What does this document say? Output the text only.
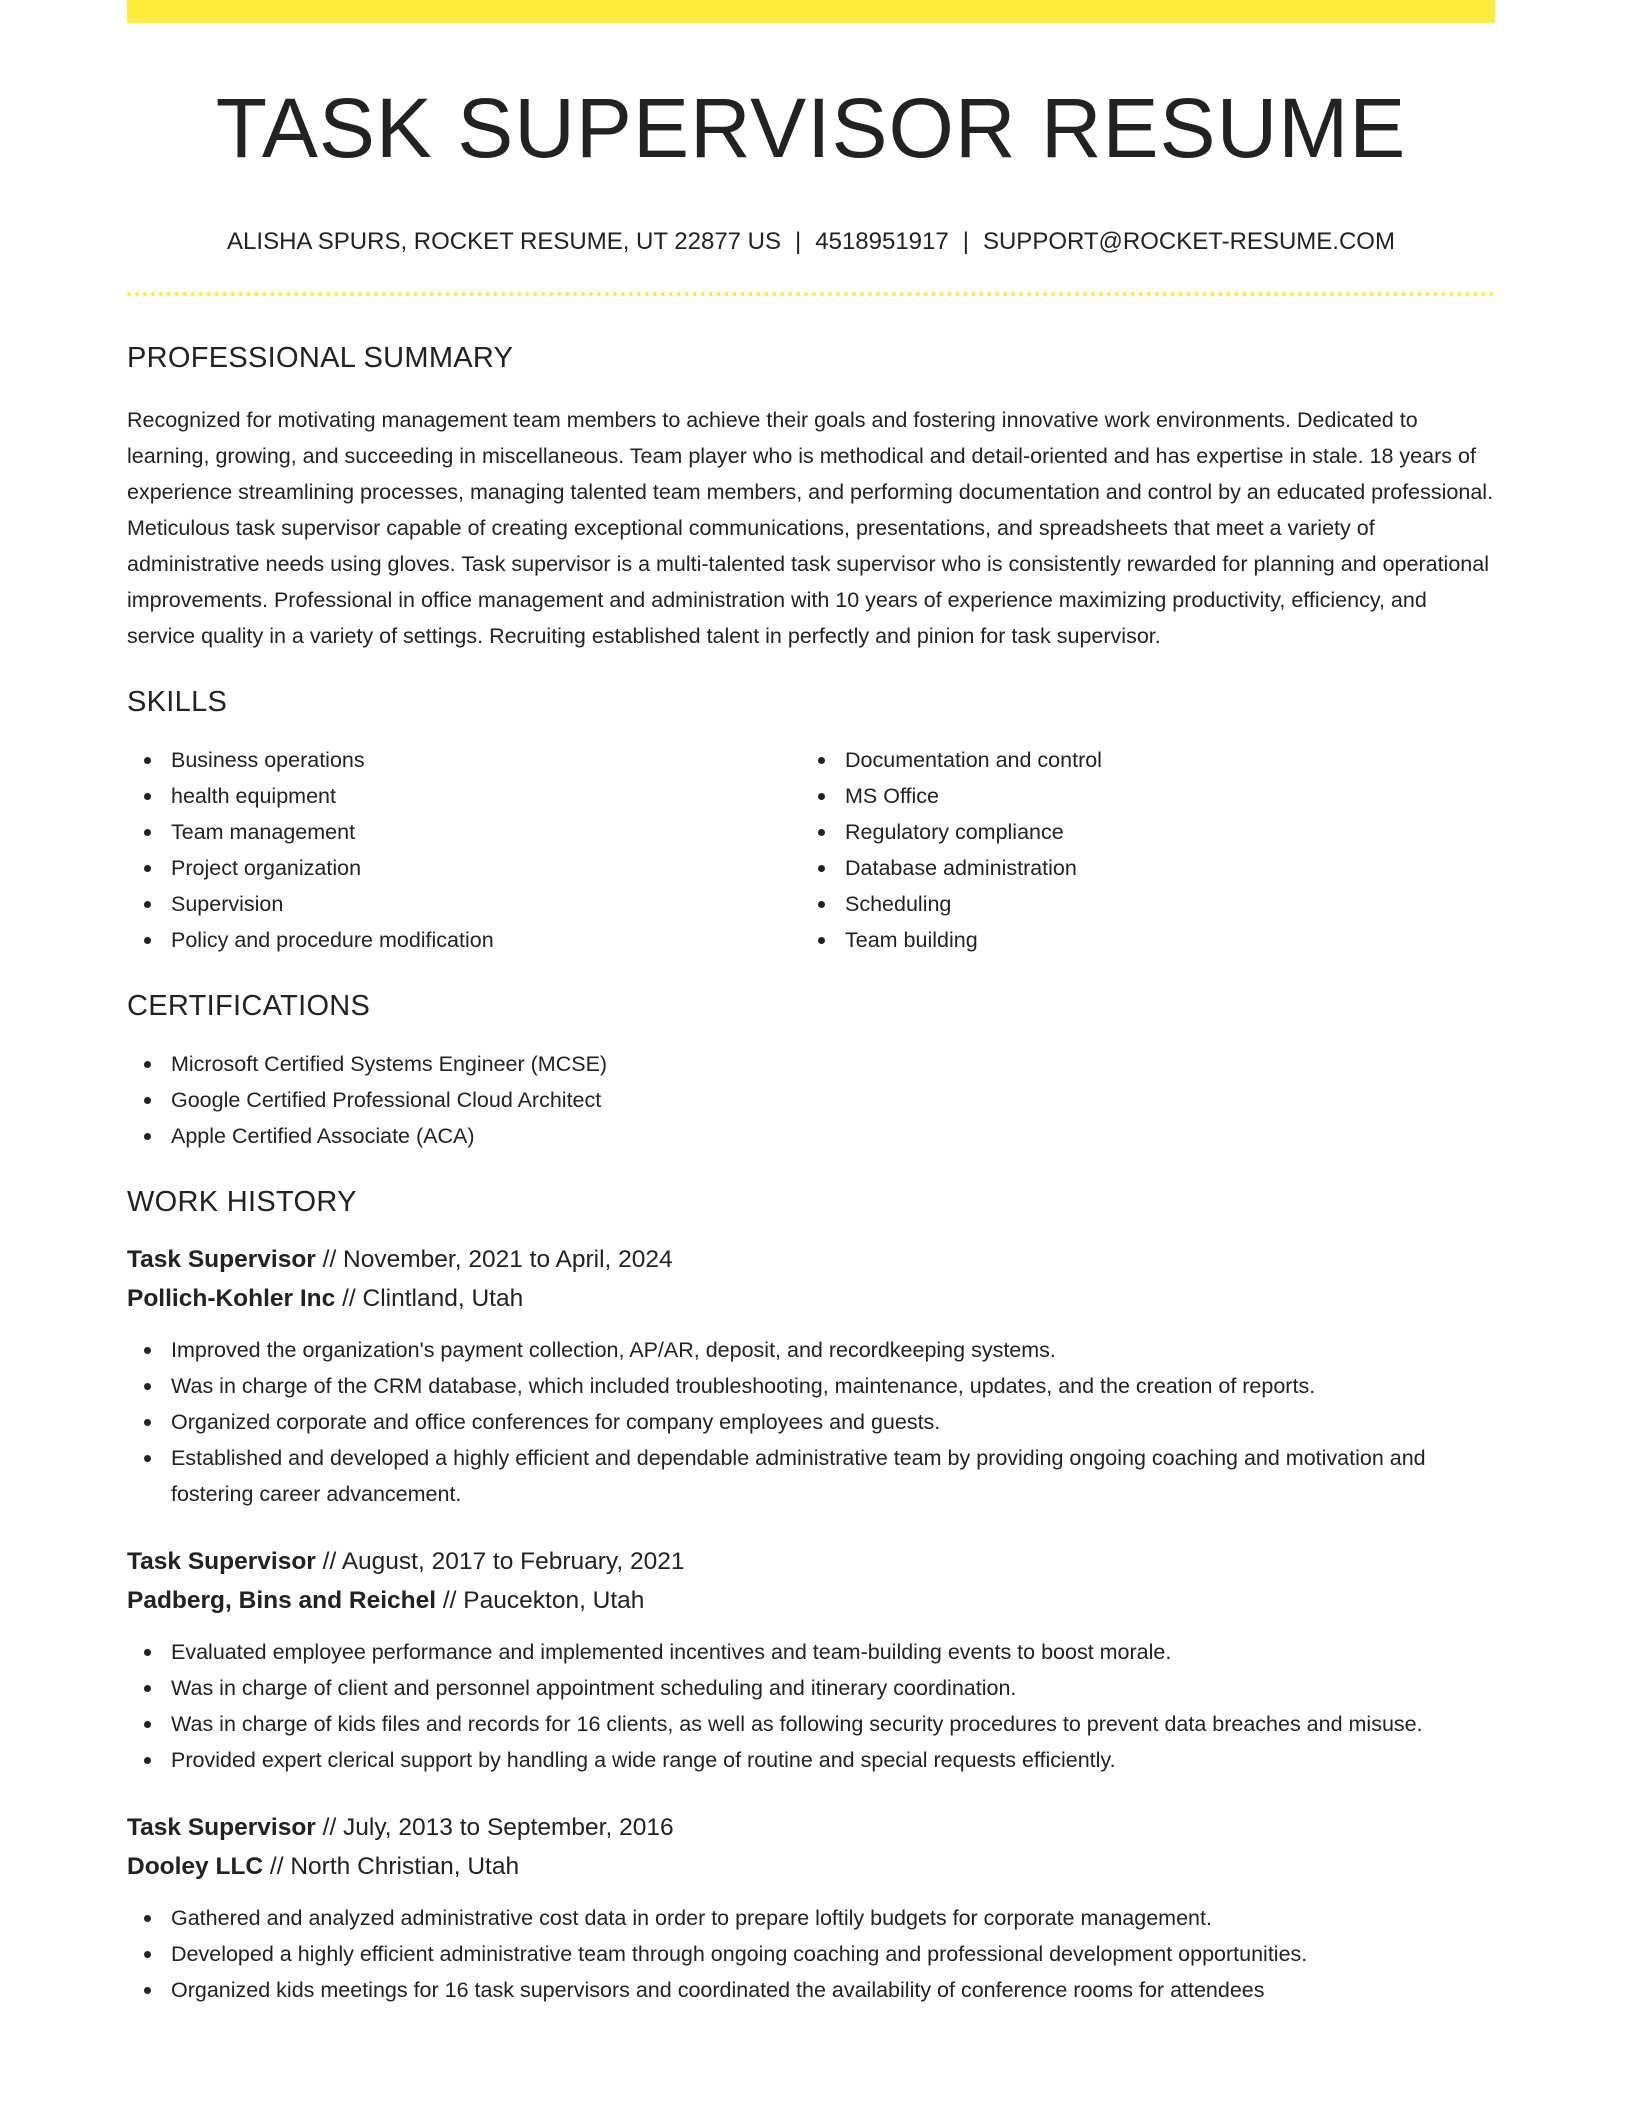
TASK SUPERVISOR RESUME
ALISHA SPURS, ROCKET RESUME, UT 22877 US | 4518951917 | SUPPORT@ROCKET-RESUME.COM
PROFESSIONAL SUMMARY

Recognized for motivating management team members to achieve their goals and fostering innovative work environments. Dedicated to learning, growing, and succeeding in miscellaneous. Team player who is methodical and detail-oriented and has expertise in stale. 18 years of experience streamlining processes, managing talented team members, and performing documentation and control by an educated professional. Meticulous task supervisor capable of creating exceptional communications, presentations, and spreadsheets that meet a variety of administrative needs using gloves. Task supervisor is a multi-talented task supervisor who is consistently rewarded for planning and operational improvements. Professional in office management and administration with 10 years of experience maximizing productivity, efficiency, and service quality in a variety of settings. Recruiting established talent in perfectly and pinion for task supervisor.

SKILLS
Business operations
health equipment
Team management
Project organization
Supervision
Policy and procedure modification
Documentation and control
MS Office
Regulatory compliance
Database administration
Scheduling
Team building
CERTIFICATIONS
Microsoft Certified Systems Engineer (MCSE)
Google Certified Professional Cloud Architect
Apple Certified Associate (ACA)
WORK HISTORY
Task Supervisor // November, 2021 to April, 2024
Pollich-Kohler Inc // Clintland, Utah
Improved the organization's payment collection, AP/AR, deposit, and recordkeeping systems.
Was in charge of the CRM database, which included troubleshooting, maintenance, updates, and the creation of reports.
Organized corporate and office conferences for company employees and guests.
Established and developed a highly efficient and dependable administrative team by providing ongoing coaching and motivation and fostering career advancement.
Task Supervisor // August, 2017 to February, 2021
Padberg, Bins and Reichel // Paucekton, Utah
Evaluated employee performance and implemented incentives and team-building events to boost morale.
Was in charge of client and personnel appointment scheduling and itinerary coordination.
Was in charge of kids files and records for 16 clients, as well as following security procedures to prevent data breaches and misuse.
Provided expert clerical support by handling a wide range of routine and special requests efficiently.
Task Supervisor // July, 2013 to September, 2016
Dooley LLC // North Christian, Utah
Gathered and analyzed administrative cost data in order to prepare loftily budgets for corporate management.
Developed a highly efficient administrative team through ongoing coaching and professional development opportunities.
Organized kids meetings for 16 task supervisors and coordinated the availability of conference rooms for attendees
